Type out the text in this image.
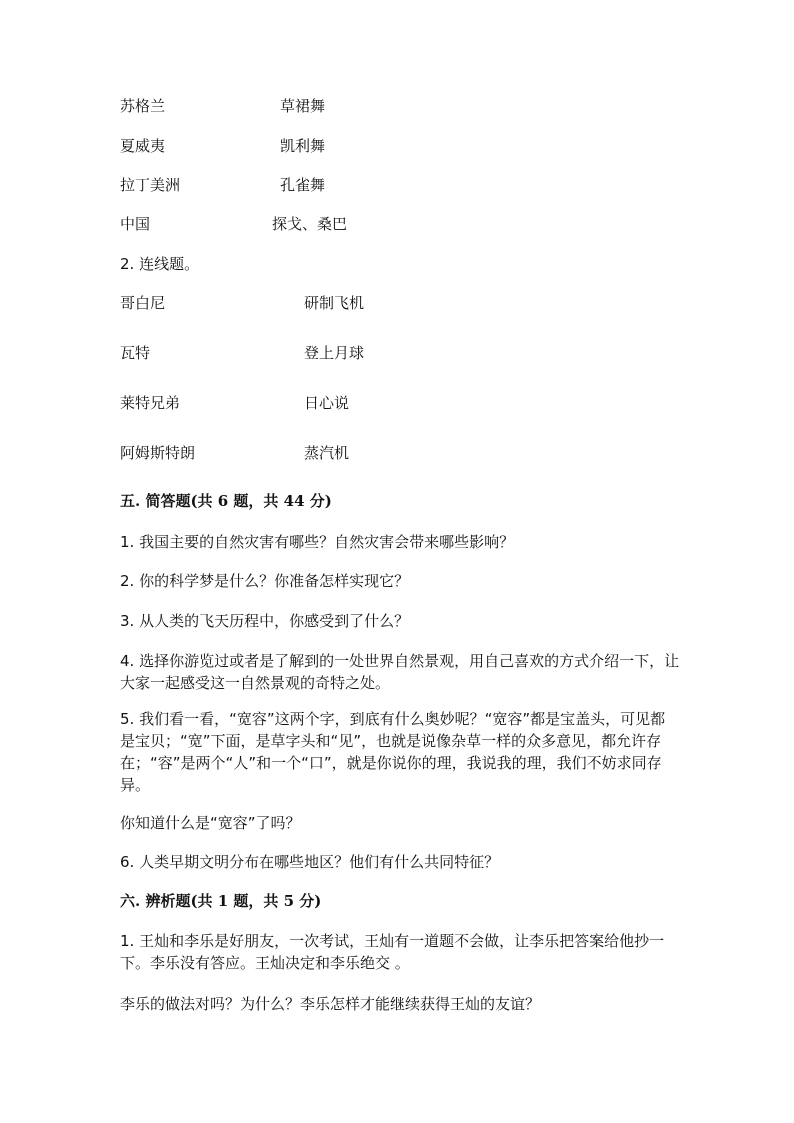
苏格兰	草裙舞
夏威夷	凯利舞
拉丁美洲	孔雀舞
中国	探戈、桑巴
2. 连线题。
哥白尼	研制飞机
瓦特	登上月球
莱特兄弟	日心说
阿姆斯特朗	蒸汽机
五. 简答题(共 6 题，共 44 分)
1. 我国主要的自然灾害有哪些？自然灾害会带来哪些影响？
2. 你的科学梦是什么？你准备怎样实现它？
3. 从人类的飞天历程中，你感受到了什么？
4. 选择你游览过或者是了解到的一处世界自然景观，用自己喜欢的方式介绍一下，让大家一起感受这一自然景观的奇特之处。
5. 我们看一看，“宽容”这两个字，到底有什么奥妙呢？“宽容”都是宝盖头，可见都是宝贝；“宽”下面，是草字头和“见”，也就是说像杂草一样的众多意见，都允许存在；“容”是两个“人”和一个“口”，就是你说你的理，我说我的理，我们不妨求同存异。
你知道什么是“宽容”了吗？
6. 人类早期文明分布在哪些地区？他们有什么共同特征？
六. 辨析题(共 1 题，共 5 分)
1. 王灿和李乐是好朋友，一次考试，王灿有一道题不会做，让李乐把答案给他抄一下。李乐没有答应。王灿决定和李乐绝交 。
李乐的做法对吗？为什么？李乐怎样才能继续获得王灿的友谊？
